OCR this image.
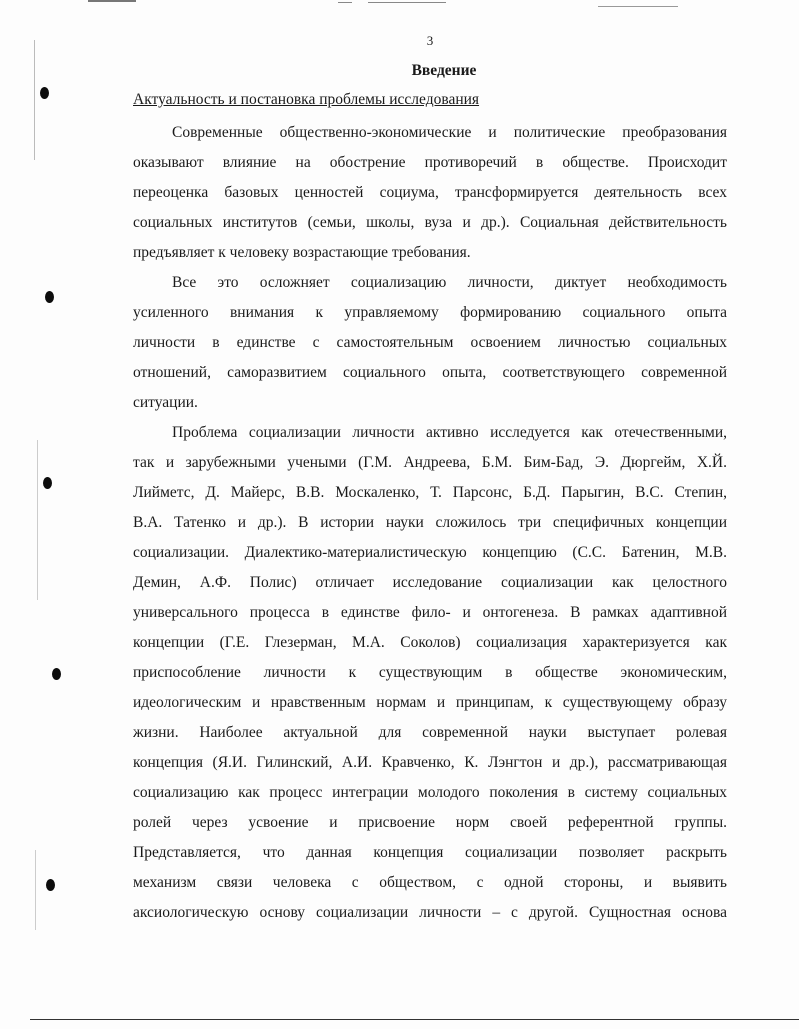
3
Введение
Актуальность и постановка проблемы исследования
Современные общественно-экономические и политические преобразования
оказывают влияние на обострение противоречий в обществе. Происходит
переоценка базовых ценностей социума, трансформируется деятельность всех
социальных институтов (семьи, школы, вуза и др.). Социальная действительность
предъявляет к человеку возрастающие требования.
Все это осложняет социализацию личности, диктует необходимость
усиленного внимания к управляемому формированию социального опыта
личности в единстве с самостоятельным освоением личностью социальных
отношений, саморазвитием социального опыта, соответствующего современной
ситуации.
Проблема социализации личности активно исследуется как отечественными,
так и зарубежными учеными (Г.М. Андреева, Б.М. Бим-Бад, Э. Дюргейм, Х.Й.
Лийметс, Д. Майерс, В.В. Москаленко, Т. Парсонс, Б.Д. Парыгин, В.С. Степин,
В.А. Татенко и др.). В истории науки сложилось три специфичных концепции
социализации. Диалектико-материалистическую концепцию (С.С. Батенин, М.В.
Демин, А.Ф. Полис) отличает исследование социализации как целостного
универсального процесса в единстве фило- и онтогенеза. В рамках адаптивной
концепции (Г.Е. Глезерман, М.А. Соколов) социализация характеризуется как
приспособление личности к существующим в обществе экономическим,
идеологическим и нравственным нормам и принципам, к существующему образу
жизни. Наиболее актуальной для современной науки выступает ролевая
концепция (Я.И. Гилинский, А.И. Кравченко, К. Лэнгтон и др.), рассматривающая
социализацию как процесс интеграции молодого поколения в систему социальных
ролей через усвоение и присвоение норм своей референтной группы.
Представляется, что данная концепция социализации позволяет раскрыть
механизм связи человека с обществом, с одной стороны, и выявить
аксиологическую основу социализации личности – с другой. Сущностная основа
